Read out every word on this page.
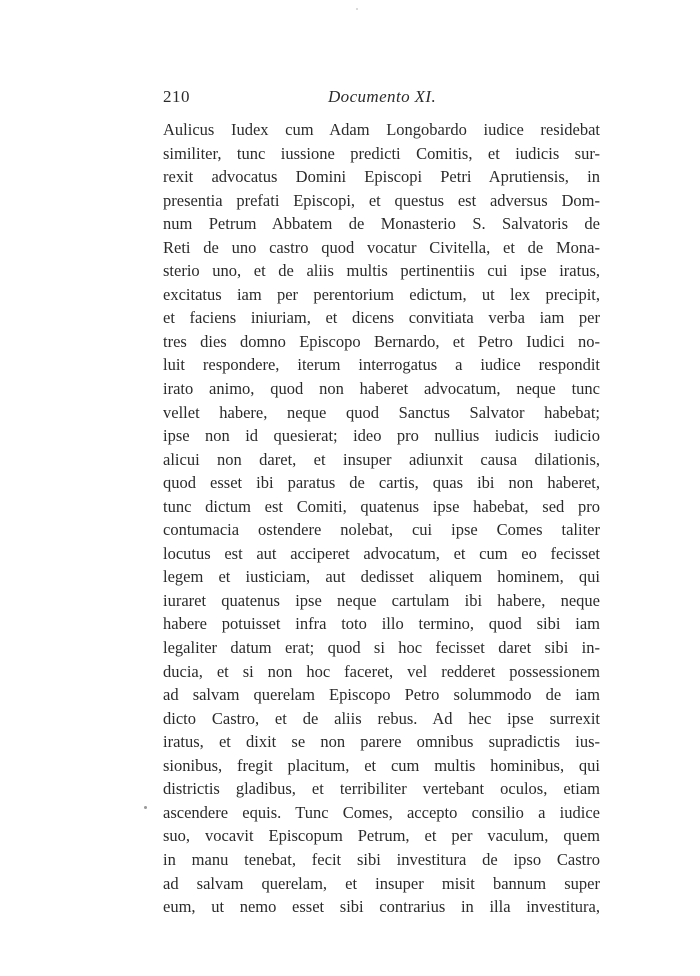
210	Documento XI.
Aulicus Iudex cum Adam Longobardo iudice residebat
similiter, tunc iussione predicti Comitis, et iudicis sur-
rexit advocatus Domini Episcopi Petri Aprutiensis, in
presentia prefati Episcopi, et questus est adversus Dom-
num Petrum Abbatem de Monasterio S. Salvatoris de
Reti de uno castro quod vocatur Civitella, et de Mona-
sterio uno, et de aliis multis pertinentiis cui ipse iratus,
excitatus iam per perentorium edictum, ut lex precipit,
et faciens iniuriam, et dicens convitiata verba iam per
tres dies domno Episcopo Bernardo, et Petro Iudici no-
luit respondere, iterum interrogatus a iudice respondit
irato animo, quod non haberet advocatum, neque tunc
vellet habere, neque quod Sanctus Salvator habebat;
ipse non id quesierat; ideo pro nullius iudicis iudicio
alicui non daret, et insuper adiunxit causa dilationis,
quod esset ibi paratus de cartis, quas ibi non haberet,
tunc dictum est Comiti, quatenus ipse habebat, sed pro
contumacia ostendere nolebat, cui ipse Comes taliter
locutus est aut acciperet advocatum, et cum eo fecisset
legem et iusticiam, aut dedisset aliquem hominem, qui
iuraret quatenus ipse neque cartulam ibi habere, neque
habere potuisset infra toto illo termino, quod sibi iam
legaliter datum erat; quod si hoc fecisset daret sibi in-
ducia, et si non hoc faceret, vel redderet possessionem
ad salvam querelam Episcopo Petro solummodo de iam
dicto Castro, et de aliis rebus. Ad hec ipse surrexit
iratus, et dixit se non parere omnibus supradictis ius-
sionibus, fregit placitum, et cum multis hominibus, qui
districtis gladibus, et terribiliter vertebant oculos, etiam
ascendere equis. Tunc Comes, accepto consilio a iudice
suo, vocavit Episcopum Petrum, et per vaculum, quem
in manu tenebat, fecit sibi investitura de ipso Castro
ad salvam querelam, et insuper misit bannum super
eum, ut nemo esset sibi contrarius in illa investitura,
